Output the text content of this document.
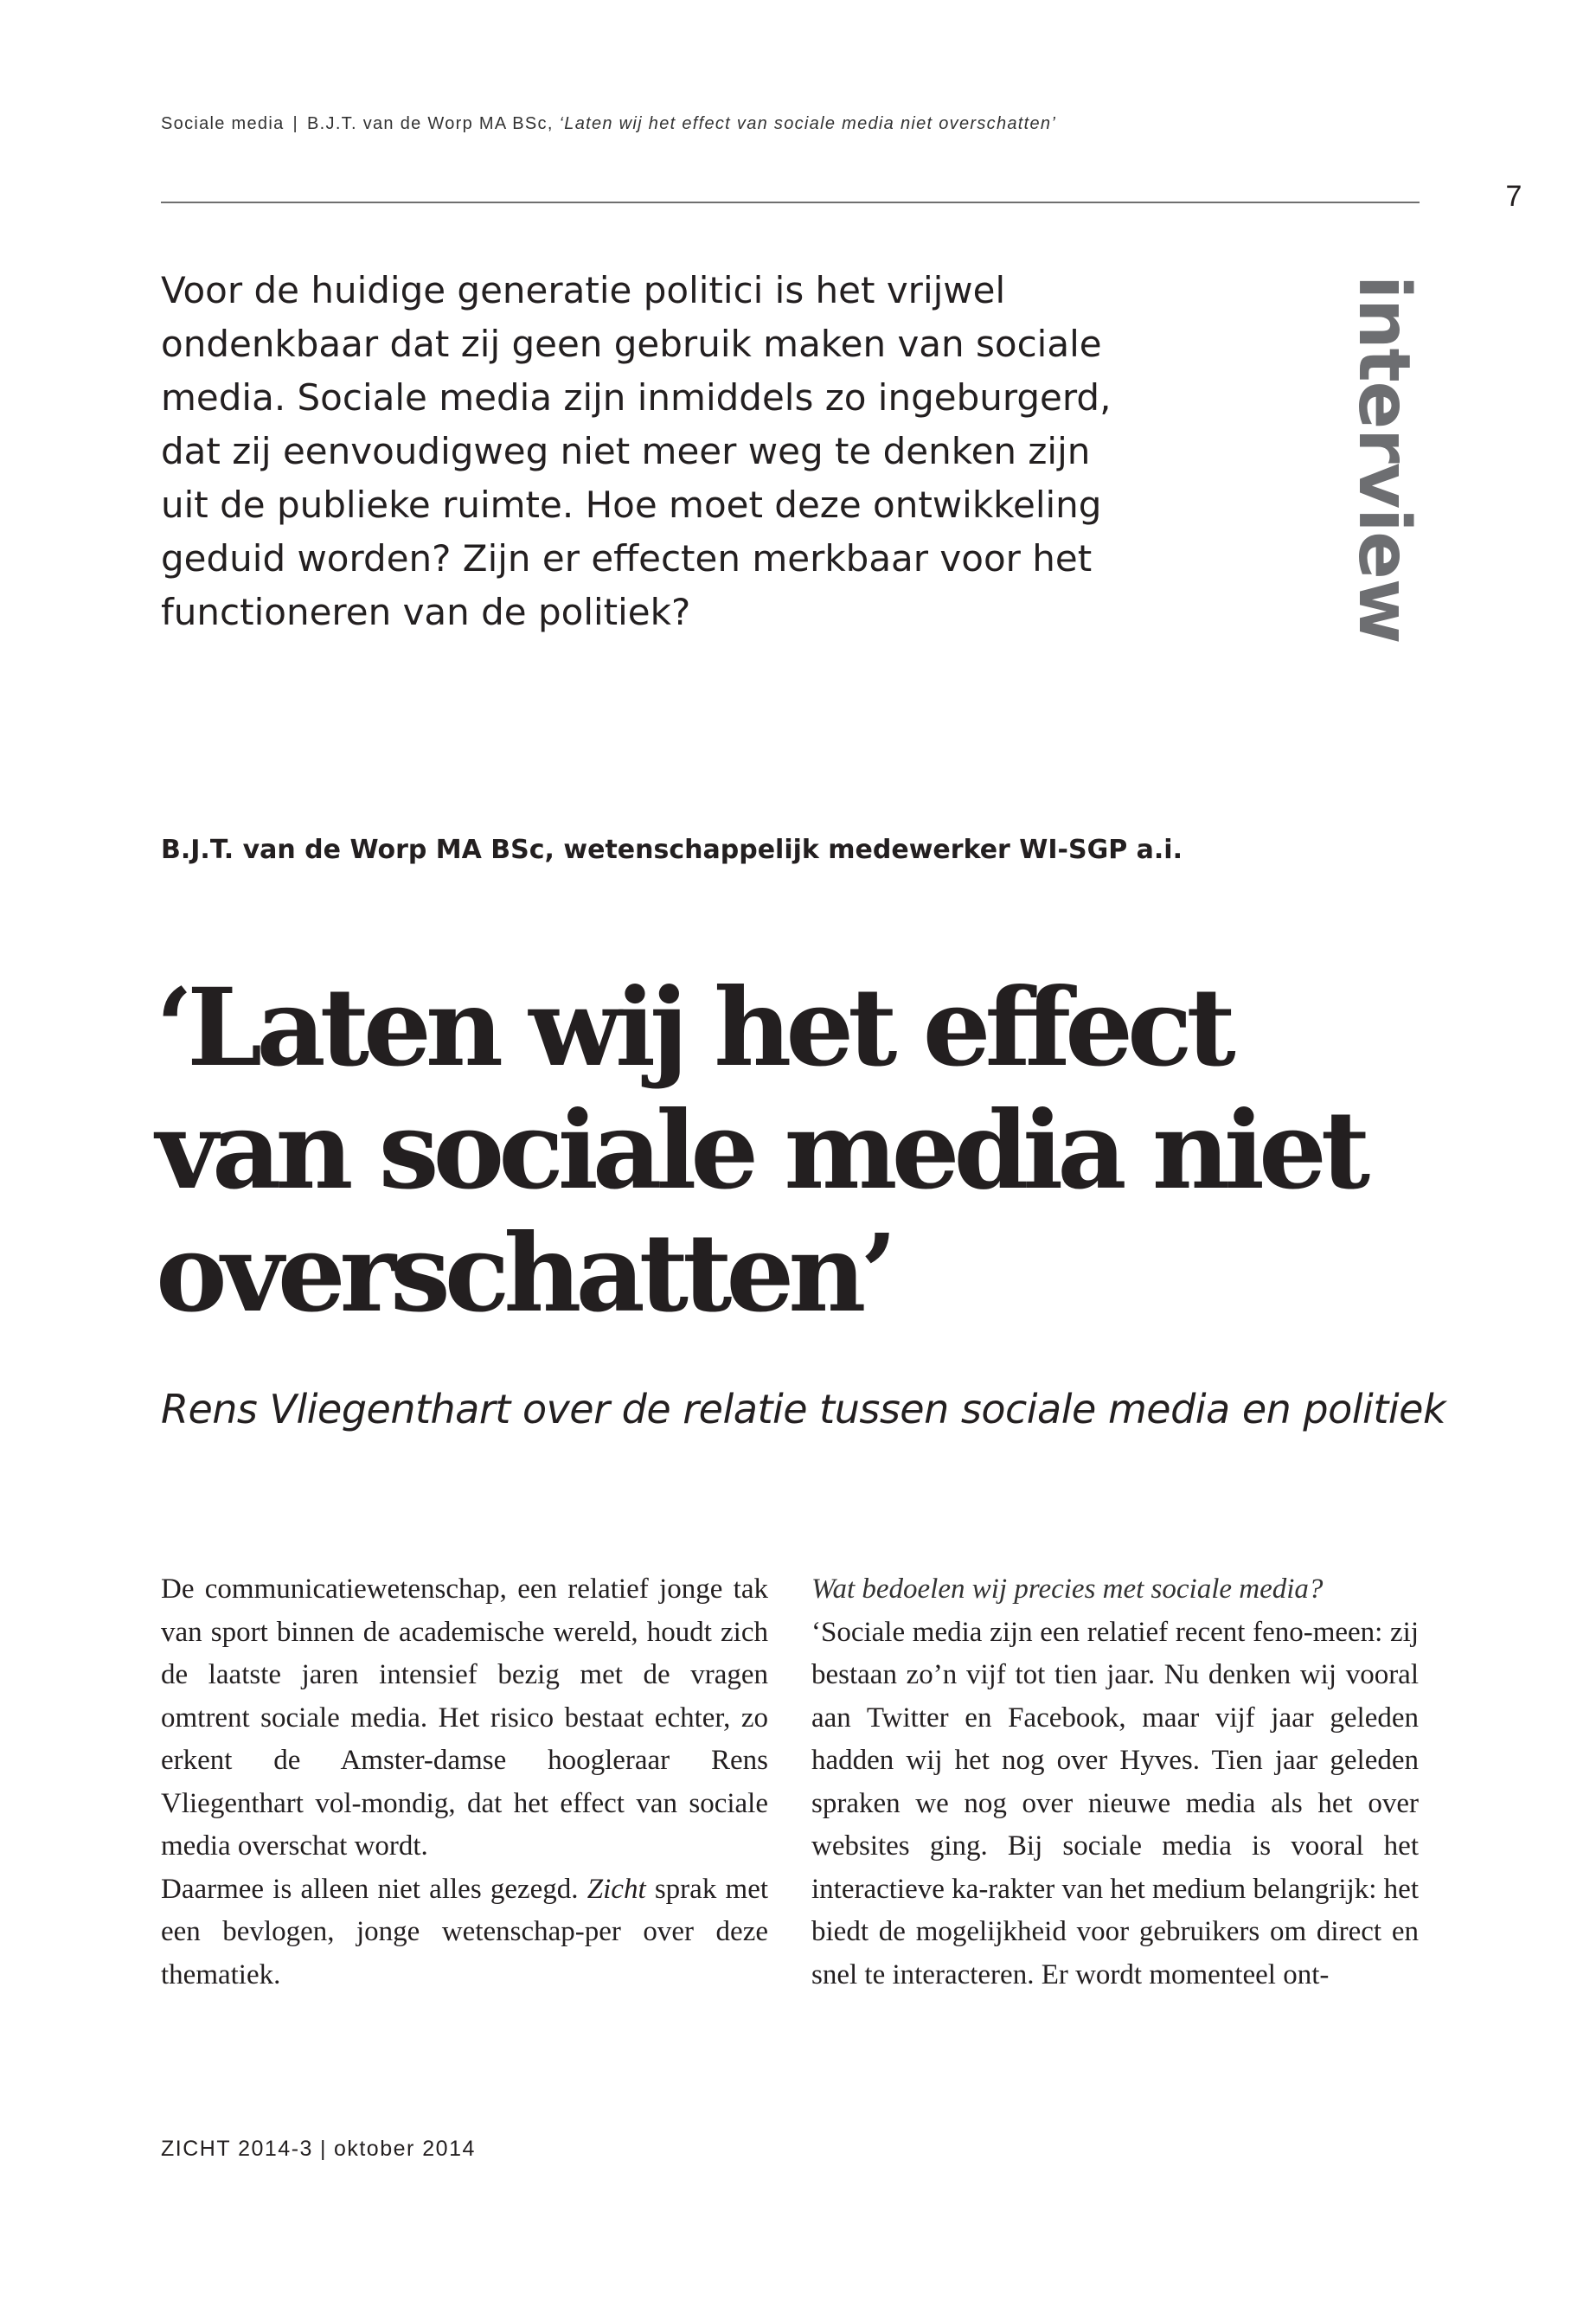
Sociale media | B.J.T. van de Worp MA BSc, ‘Laten wij het effect van sociale media niet overschatten’
7

Voor de huidige generatie politici is het vrijwel ondenkbaar dat zij geen gebruik maken van sociale media. Sociale media zijn inmiddels zo ingeburgerd, dat zij eenvoudigweg niet meer weg te denken zijn uit de publieke ruimte. Hoe moet deze ontwikkeling geduid worden? Zijn er effecten merkbaar voor het functioneren van de politiek?	interview
B.J.T. van de Worp MA BSc, wetenschappelijk medewerker WI-SGP a.i.
‘Laten wij het effect
van sociale media niet
overschatten’
Rens Vliegenthart over de relatie tussen sociale media en politiek

De communicatiewetenschap, een relatief jonge tak van sport binnen de academische wereld, houdt zich de laatste jaren intensief bezig met de vragen omtrent sociale media. Het risico bestaat echter, zo erkent de Amster-damse hoogleraar Rens Vliegenthart vol-mondig, dat het effect van sociale media overschat wordt.

Daarmee is alleen niet alles gezegd. Zicht sprak met een bevlogen, jonge wetenschap-per over deze thematiek.

Wat bedoelen wij precies met sociale media?

‘Sociale media zijn een relatief recent feno-meen: zij bestaan zo’n vijf tot tien jaar. Nu denken wij vooral aan Twitter en Facebook, maar vijf jaar geleden hadden wij het nog over Hyves. Tien jaar geleden spraken we nog over nieuwe media als het over websites ging. Bij sociale media is vooral het interactieve ka-rakter van het medium belangrijk: het biedt de mogelijkheid voor gebruikers om direct en snel te interacteren. Er wordt momenteel ont-

ZICHT 2014-3 | oktober 2014
